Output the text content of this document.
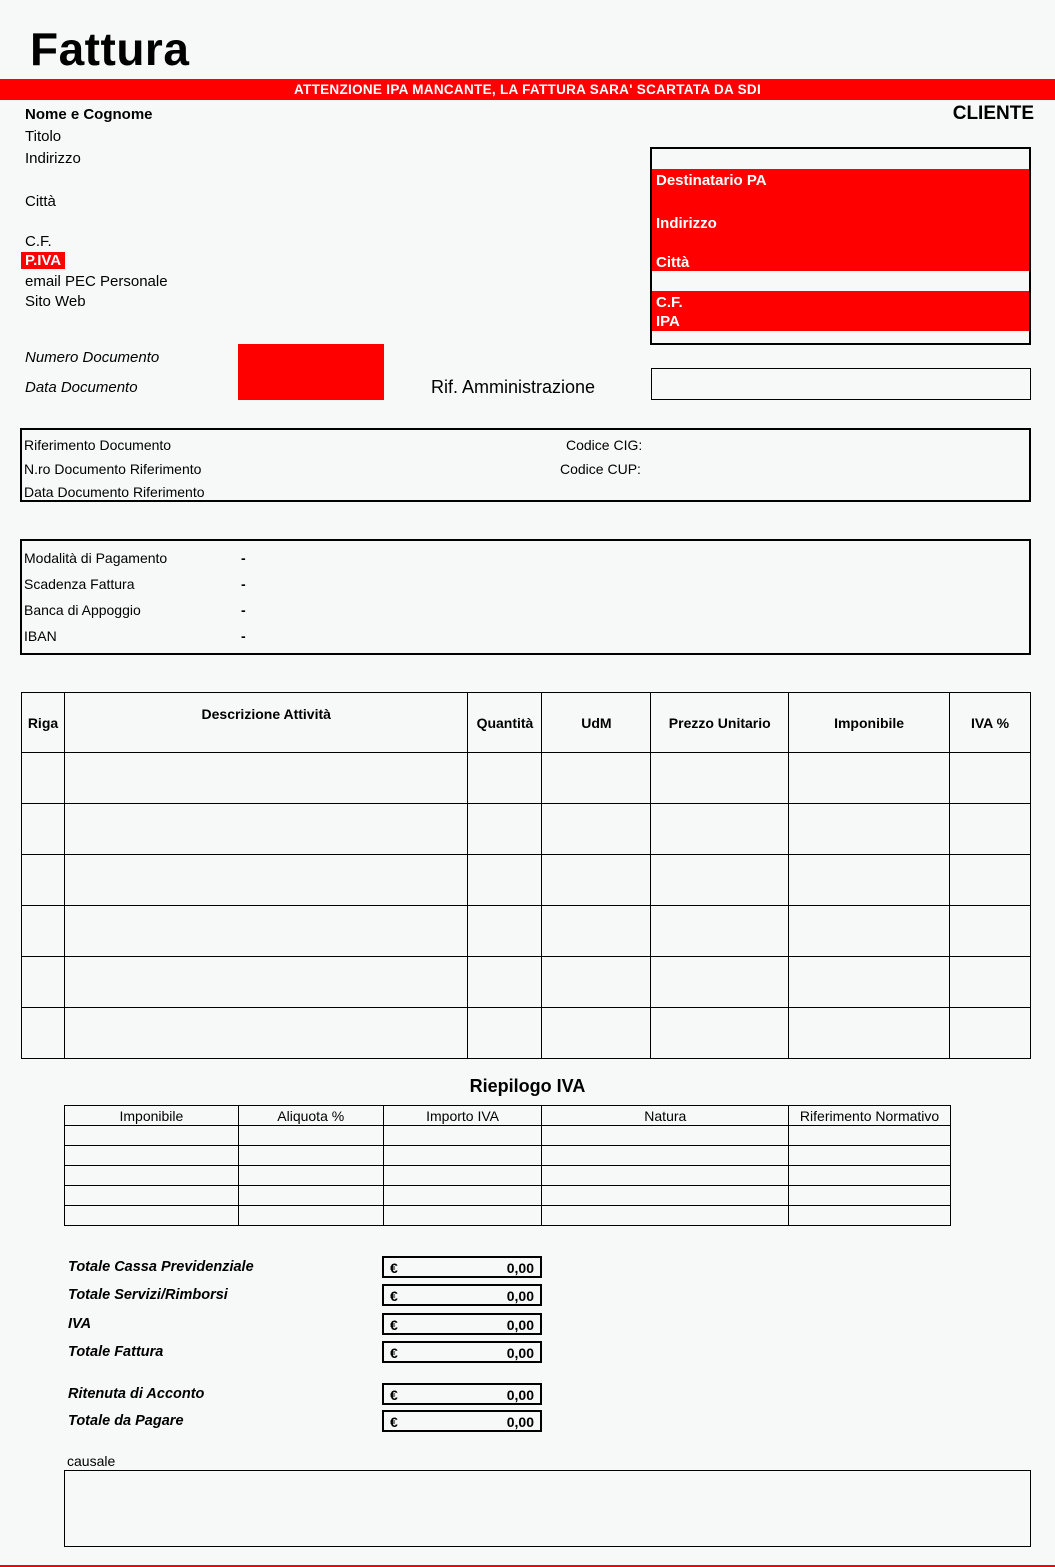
Fattura
ATTENZIONE IPA MANCANTE, LA FATTURA SARA' SCARTATA DA SDI
Nome e Cognome
Titolo
Indirizzo
Città
C.F.
P.IVA
email PEC Personale
Sito Web
CLIENTE
Destinatario PA
Indirizzo
Città
C.F.
IPA
Numero Documento
Data Documento	Rif. Amministrazione
Riferimento Documento
N.ro Documento Riferimento
Data Documento Riferimento
Codice CIG:
Codice CUP:
Modalità di Pagamento	-
Scadenza Fattura	-
Banca di Appoggio	-
IBAN	-
Riga	Descrizione Attività	Quantità	UdM	Prezzo Unitario	Imponibile	IVA %

Riepilogo IVA
Imponibile	Aliquota %	Importo IVA	Natura	Riferimento Normativo

Totale Cassa Previdenziale	€	0,00
Totale Servizi/Rimborsi	€	0,00
IVA	€	0,00
Totale Fattura	€	0,00
Ritenuta di Acconto	€	0,00
Totale da Pagare	€	0,00
causale
